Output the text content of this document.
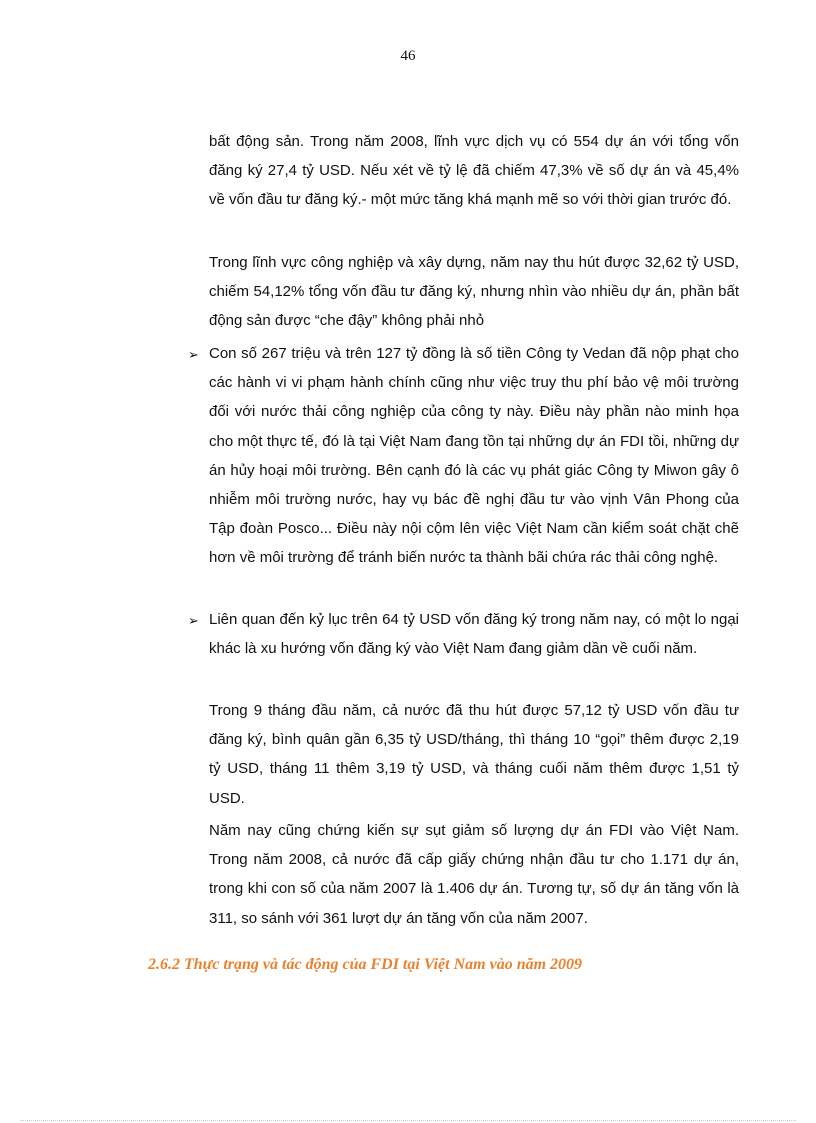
46

bất động sản. Trong năm 2008, lĩnh vực dịch vụ có 554 dự án với tổng vốn đăng ký 27,4 tỷ USD. Nếu xét về tỷ lệ đã chiếm 47,3% về số dự án và 45,4% về vốn đầu tư đăng ký.- một mức tăng khá mạnh mẽ so với thời gian trước đó.

Trong lĩnh vực công nghiệp và xây dựng, năm nay thu hút được 32,62 tỷ USD, chiếm 54,12% tổng vốn đầu tư đăng ký, nhưng nhìn vào nhiều dự án, phần bất động sản được “che đậy” không phải nhỏ

➢ Con số 267 triệu và trên 127 tỷ đồng là số tiền Công ty Vedan đã nộp phạt cho các hành vi vi phạm hành chính cũng như việc truy thu phí bảo vệ môi trường đối với nước thải công nghiệp của công ty này. Điều này phần nào minh họa cho một thực tế, đó là tại Việt Nam đang tồn tại những dự án FDI tồi, những dự án hủy hoại môi trường. Bên cạnh đó là các vụ phát giác Công ty Miwon gây ô nhiễm môi trường nước, hay vụ bác đề nghị đầu tư vào vịnh Vân Phong của Tập đoàn Posco... Điều này nội cộm lên việc Việt Nam cần kiểm soát chặt chẽ hơn về môi trường để tránh biến nước ta thành bãi chứa rác thải công nghệ.

➢ Liên quan đến kỷ lục trên 64 tỷ USD vốn đăng ký trong năm nay, có một lo ngại khác là xu hướng vốn đăng ký vào Việt Nam đang giảm dần về cuối năm.

Trong 9 tháng đầu năm, cả nước đã thu hút được 57,12 tỷ USD vốn đầu tư đăng ký, bình quân gần 6,35 tỷ USD/tháng, thì tháng 10 “gọi” thêm được 2,19 tỷ USD, tháng 11 thêm 3,19 tỷ USD, và tháng cuối năm thêm được 1,51 tỷ USD.

Năm nay cũng chứng kiến sự sụt giảm số lượng dự án FDI vào Việt Nam. Trong năm 2008, cả nước đã cấp giấy chứng nhận đầu tư cho 1.171 dự án, trong khi con số của năm 2007 là 1.406 dự án. Tương tự, số dự án tăng vốn là 311, so sánh với 361 lượt dự án tăng vốn của năm 2007.

2.6.2 Thực trạng và tác động của FDI tại Việt Nam vào năm 2009
